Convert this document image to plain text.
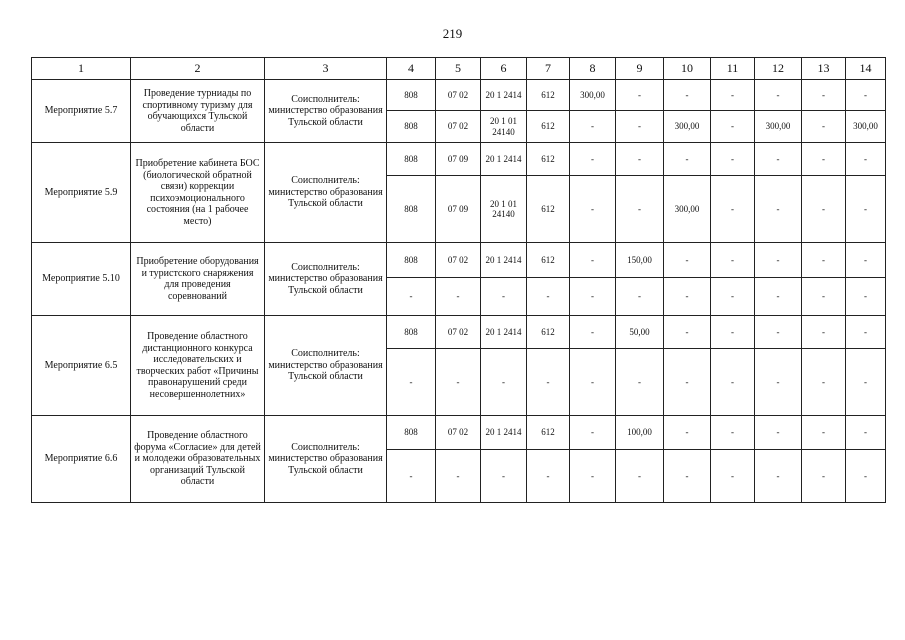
219
1	2	3	4	5	6	7	8	9	10	11	12	13	14
Мероприятие 5.7	Проведение турниады по спортивному туризму для обучающихся Тульской области	Соисполнитель: министерство образования Тульской области	808	07 02	20 1 2414	612	300,00	-	-	-	-	-	-
			808	07 02	20 1 01 24140	612	-	-	300,00	-	300,00	-	300,00
Мероприятие 5.9	Приобретение кабинета БОС (биологической обратной связи) коррекции психоэмоционального состояния (на 1 рабочее место)	Соисполнитель: министерство образования Тульской области	808	07 09	20 1 2414	612	-	-	-	-	-	-	-
			808	07 09	20 1 01 24140	612	-	-	300,00	-	-	-	-
Мероприятие 5.10	Приобретение оборудования и туристского снаряжения для проведения соревнований	Соисполнитель: министерство образования Тульской области	808	07 02	20 1 2414	612	-	150,00	-	-	-	-	-
			-	-	-	-	-	-	-	-	-	-	-
Мероприятие 6.5	Проведение областного дистанционного конкурса исследовательских и творческих работ «Причины правонарушений среди несовершеннолетних»	Соисполнитель: министерство образования Тульской области	808	07 02	20 1 2414	612	-	50,00	-	-	-	-	-
			-	-	-	-	-	-	-	-	-	-	-
Мероприятие 6.6	Проведение областного форума «Согласие» для детей и молодежи образовательных организаций Тульской области	Соисполнитель: министерство образования Тульской области	808	07 02	20 1 2414	612	-	100,00	-	-	-	-	-
			-	-	-	-	-	-	-	-	-	-	-
